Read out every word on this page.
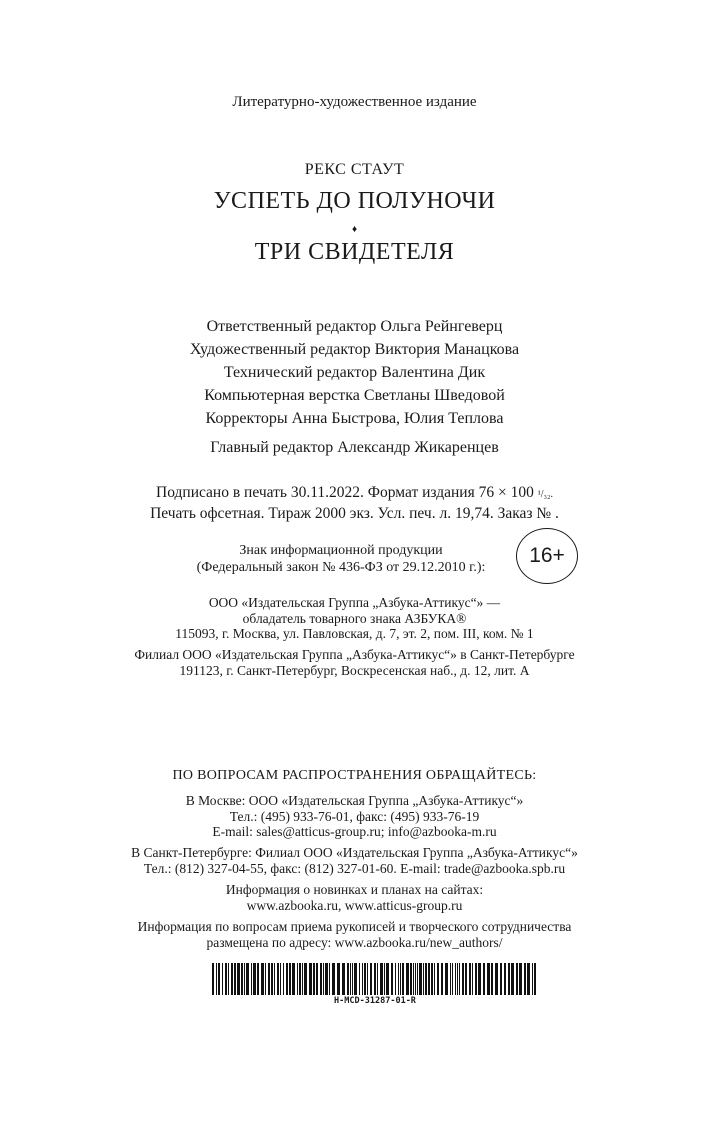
Литературно-художественное издание
РЕКС СТАУТ
УСПЕТЬ ДО ПОЛУНОЧИ
♦
ТРИ СВИДЕТЕЛЯ
Ответственный редактор Ольга Рейнгеверц
Художественный редактор Виктория Манацкова
Технический редактор Валентина Дик
Компьютерная верстка Светланы Шведовой
Корректоры Анна Быстрова, Юлия Теплова
Главный редактор Александр Жикаренцев
Подписано в печать 30.11.2022. Формат издания 76 × 100 ¹/₃₂.
Печать офсетная. Тираж 2000 экз. Усл. печ. л. 19,74. Заказ № .
Знак информационной продукции
(Федеральный закон № 436-ФЗ от 29.12.2010 г.):
16+
ООО «Издательская Группа „Азбука-Аттикус“» —
обладатель товарного знака АЗБУКА®
115093, г. Москва, ул. Павловская, д. 7, эт. 2, пом. III, ком. № 1
Филиал ООО «Издательская Группа „Азбука-Аттикус“» в Санкт-Петербурге
191123, г. Санкт-Петербург, Воскресенская наб., д. 12, лит. А
ПО ВОПРОСАМ РАСПРОСТРАНЕНИЯ ОБРАЩАЙТЕСЬ:
В Москве: ООО «Издательская Группа „Азбука-Аттикус“»
Тел.: (495) 933-76-01, факс: (495) 933-76-19
E-mail: sales@atticus-group.ru; info@azbooka-m.ru
В Санкт-Петербурге: Филиал ООО «Издательская Группа „Азбука-Аттикус“»
Тел.: (812) 327-04-55, факс: (812) 327-01-60. E-mail: trade@azbooka.spb.ru
Информация о новинках и планах на сайтах:
www.azbooka.ru, www.atticus-group.ru
Информация по вопросам приема рукописей и творческого сотрудничества
размещена по адресу: www.azbooka.ru/new_authors/
H-MCD-31287-01-R
